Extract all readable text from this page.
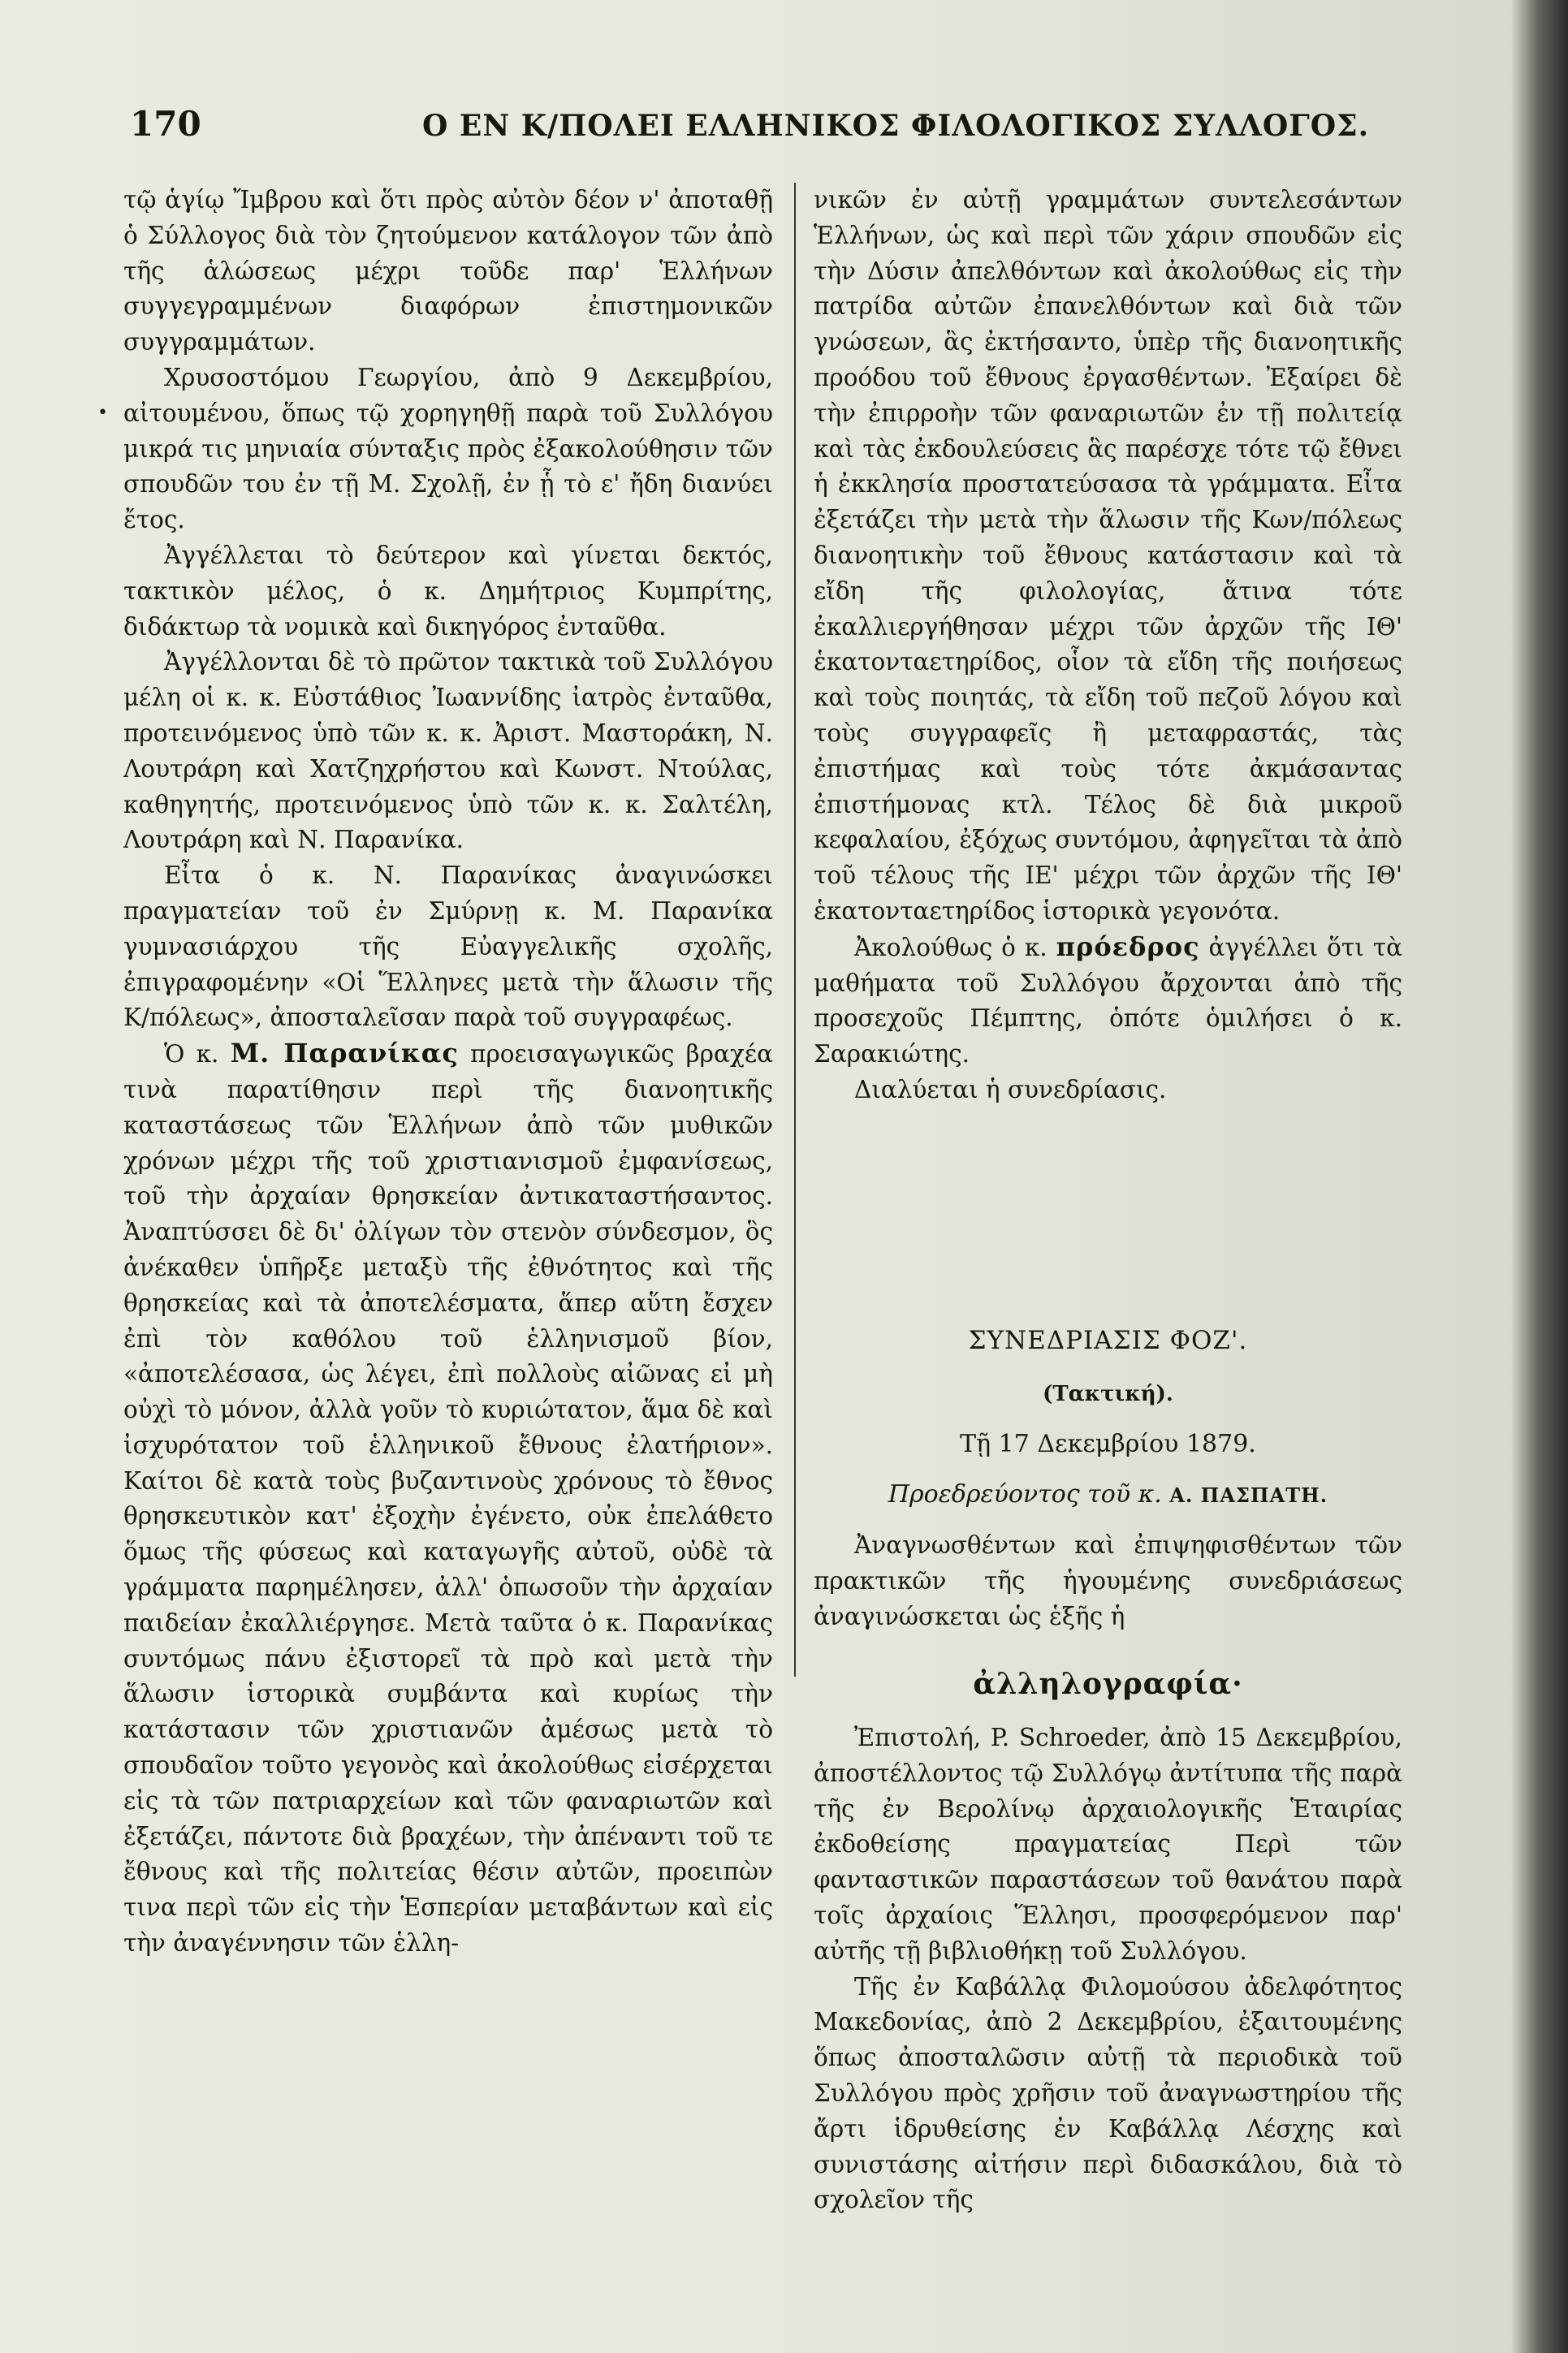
170	Ο ΕΝ Κ/ΠΟΛΕΙ ΕΛΛΗΝΙΚΟΣ ΦΙΛΟΛΟΓΙΚΟΣ ΣΥΛΛΟΓΟΣ.
•

τῷ ἁγίῳ Ἴμβρου καὶ ὅτι πρὸς αὐτὸν δέον ν' ἀποταθῇ ὁ Σύλλογος διὰ τὸν ζητούμενον κατάλογον τῶν ἀπὸ τῆς ἁλώσεως μέχρι τοῦδε παρ' Ἑλλήνων συγγεγραμμένων διαφόρων ἐπιστημονικῶν συγγραμμάτων.

Χρυσοστόμου Γεωργίου, ἀπὸ 9 Δεκεμβρίου, αἰτουμένου, ὅπως τῷ χορηγηθῇ παρὰ τοῦ Συλλόγου μικρά τις μηνιαία σύνταξις πρὸς ἐξακολούθησιν τῶν σπουδῶν του ἐν τῇ Μ. Σχολῇ, ἐν ᾗ τὸ ε' ἤδη διανύει ἔτος.

Ἀγγέλλεται τὸ δεύτερον καὶ γίνεται δεκτός, τακτικὸν μέλος, ὁ κ. Δημήτριος Κυμπρίτης, διδάκτωρ τὰ νομικὰ καὶ δικηγόρος ἐνταῦθα.

Ἀγγέλλονται δὲ τὸ πρῶτον τακτικὰ τοῦ Συλλόγου μέλη οἱ κ. κ. Εὐστάθιος Ἰωαννίδης ἰατρὸς ἐνταῦθα, προτεινόμενος ὑπὸ τῶν κ. κ. Ἀριστ. Μαστοράκη, Ν. Λουτράρη καὶ Χατζηχρήστου καὶ Κωνστ. Ντούλας, καθηγητής, προτεινόμενος ὑπὸ τῶν κ. κ. Σαλτέλη, Λουτράρη καὶ Ν. Παρανίκα.

Εἶτα ὁ κ. Ν. Παρανίκας ἀναγινώσκει πραγματείαν τοῦ ἐν Σμύρνῃ κ. Μ. Παρανίκα γυμνασιάρχου τῆς Εὐαγγελικῆς σχολῆς, ἐπιγραφομένην «Οἱ Ἕλληνες μετὰ τὴν ἅλωσιν τῆς Κ/πόλεως», ἀποσταλεῖσαν παρὰ τοῦ συγγραφέως.

Ὁ κ. Μ. Παρανίκας προεισαγωγικῶς βραχέα τινὰ παρατίθησιν περὶ τῆς διανοητικῆς καταστάσεως τῶν Ἑλλήνων ἀπὸ τῶν μυθικῶν χρόνων μέχρι τῆς τοῦ χριστιανισμοῦ ἐμφανίσεως, τοῦ τὴν ἀρχαίαν θρησκείαν ἀντικαταστήσαντος. Ἀναπτύσσει δὲ δι' ὀλίγων τὸν στενὸν σύνδεσμον, ὃς ἀνέκαθεν ὑπῆρξε μεταξὺ τῆς ἐθνότητος καὶ τῆς θρησκείας καὶ τὰ ἀποτελέσματα, ἅπερ αὕτη ἔσχεν ἐπὶ τὸν καθόλου τοῦ ἑλληνισμοῦ βίον, «ἀποτελέσασα, ὡς λέγει, ἐπὶ πολλοὺς αἰῶνας εἰ μὴ οὐχὶ τὸ μόνον, ἀλλὰ γοῦν τὸ κυριώτατον, ἅμα δὲ καὶ ἰσχυρότατον τοῦ ἑλληνικοῦ ἔθνους ἐλατήριον». Καίτοι δὲ κατὰ τοὺς βυζαντινοὺς χρόνους τὸ ἔθνος θρησκευτικὸν κατ' ἐξοχὴν ἐγένετο, οὐκ ἐπελάθετο ὅμως τῆς φύσεως καὶ καταγωγῆς αὐτοῦ, οὐδὲ τὰ γράμματα παρημέλησεν, ἀλλ' ὁπωσοῦν τὴν ἀρχαίαν παιδείαν ἐκαλλιέργησε. Μετὰ ταῦτα ὁ κ. Παρανίκας συντόμως πάνυ ἐξιστορεῖ τὰ πρὸ καὶ μετὰ τὴν ἅλωσιν ἱστορικὰ συμβάντα καὶ κυρίως τὴν κατάστασιν τῶν χριστιανῶν ἀμέσως μετὰ τὸ σπουδαῖον τοῦτο γεγονὸς καὶ ἀκολούθως εἰσέρχεται εἰς τὰ τῶν πατριαρχείων καὶ τῶν φαναριωτῶν καὶ ἐξετάζει, πάντοτε διὰ βραχέων, τὴν ἀπέναντι τοῦ τε ἔθνους καὶ τῆς πολιτείας θέσιν αὐτῶν, προειπὼν τινα περὶ τῶν εἰς τὴν Ἑσπερίαν μεταβάντων καὶ εἰς τὴν ἀναγέννησιν τῶν ἑλλη-

νικῶν ἐν αὐτῇ γραμμάτων συντελεσάντων Ἑλλήνων, ὡς καὶ περὶ τῶν χάριν σπουδῶν εἰς τὴν Δύσιν ἀπελθόντων καὶ ἀκολούθως εἰς τὴν πατρίδα αὐτῶν ἐπανελθόντων καὶ διὰ τῶν γνώσεων, ἃς ἐκτήσαντο, ὑπὲρ τῆς διανοητικῆς προόδου τοῦ ἔθνους ἐργασθέντων. Ἐξαίρει δὲ τὴν ἐπιρροὴν τῶν φαναριωτῶν ἐν τῇ πολιτείᾳ καὶ τὰς ἐκδουλεύσεις ἃς παρέσχε τότε τῷ ἔθνει ἡ ἐκκλησία προστατεύσασα τὰ γράμματα. Εἶτα ἐξετάζει τὴν μετὰ τὴν ἅλωσιν τῆς Κων/πόλεως διανοητικὴν τοῦ ἔθνους κατάστασιν καὶ τὰ εἴδη τῆς φιλολογίας, ἅτινα τότε ἐκαλλιεργήθησαν μέχρι τῶν ἀρχῶν τῆς ΙΘ' ἑκατονταετηρίδος, οἷον τὰ εἴδη τῆς ποιήσεως καὶ τοὺς ποιητάς, τὰ εἴδη τοῦ πεζοῦ λόγου καὶ τοὺς συγγραφεῖς ἢ μεταφραστάς, τὰς ἐπιστήμας καὶ τοὺς τότε ἀκμάσαντας ἐπιστήμονας κτλ. Τέλος δὲ διὰ μικροῦ κεφαλαίου, ἐξόχως συντόμου, ἀφηγεῖται τὰ ἀπὸ τοῦ τέλους τῆς ΙΕ' μέχρι τῶν ἀρχῶν τῆς ΙΘ' ἑκατονταετηρίδος ἱστορικὰ γεγονότα.

Ἀκολούθως ὁ κ. πρόεδρος ἀγγέλλει ὅτι τὰ μαθήματα τοῦ Συλλόγου ἄρχονται ἀπὸ τῆς προσεχοῦς Πέμπτης, ὁπότε ὁμιλήσει ὁ κ. Σαρακιώτης.

Διαλύεται ἡ συνεδρίασις.

ΣΥΝΕΔΡΙΑΣΙΣ ΦΟΖ'.
(Τακτική).
Τῇ 17 Δεκεμβρίου 1879.
Προεδρεύοντος τοῦ κ. Α. ΠΑΣΠΑΤΗ.

Ἀναγνωσθέντων καὶ ἐπιψηφισθέντων τῶν πρακτικῶν τῆς ἡγουμένης συνεδριάσεως ἀναγινώσκεται ὡς ἑξῆς ἡ

ἀλληλογραφία·

Ἐπιστολή, P. Schroeder, ἀπὸ 15 Δεκεμβρίου, ἀποστέλλοντος τῷ Συλλόγῳ ἀντίτυπα τῆς παρὰ τῆς ἐν Βερολίνῳ ἀρχαιολογικῆς Ἑταιρίας ἐκδοθείσης πραγματείας Περὶ τῶν φανταστικῶν παραστάσεων τοῦ θανάτου παρὰ τοῖς ἀρχαίοις Ἕλλησι, προσφερόμενον παρ' αὐτῆς τῇ βιβλιοθήκῃ τοῦ Συλλόγου.

Τῆς ἐν Καβάλλᾳ Φιλομούσου ἀδελφότητος Μακεδονίας, ἀπὸ 2 Δεκεμβρίου, ἐξαιτουμένης ὅπως ἀποσταλῶσιν αὐτῇ τὰ περιοδικὰ τοῦ Συλλόγου πρὸς χρῆσιν τοῦ ἀναγνωστηρίου τῆς ἄρτι ἱδρυθείσης ἐν Καβάλλᾳ Λέσχης καὶ συνιστάσης αἰτήσιν περὶ διδασκάλου, διὰ τὸ σχολεῖον τῆς
